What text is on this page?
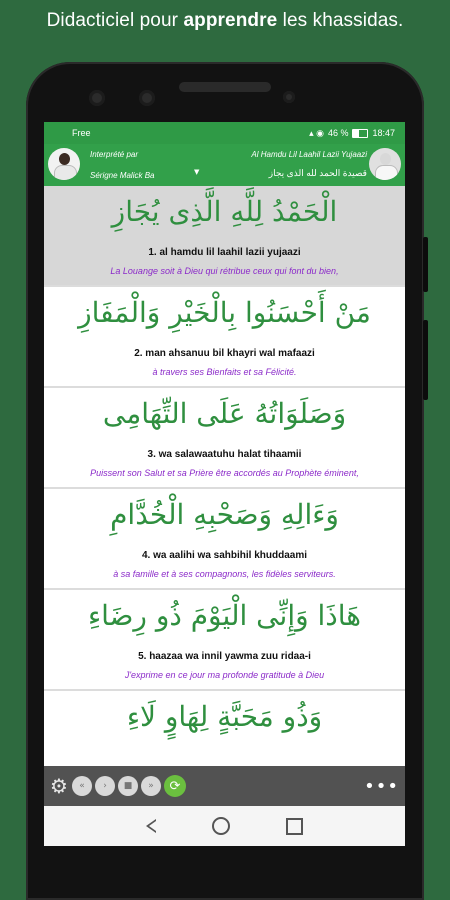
Didacticiel pour apprendre les khassidas.
Free	▴ ◉ 46 %	18:47
Interprété par
Sérigne Malick Ba	▼
Al Hamdu Lil Laahil Lazii Yujaazi
قصيدة الحمد لله الذى يجاز
الْحَمْدُ لِلَّهِ الَّذِى يُجَازِ
1. al hamdu lil laahil lazii yujaazi
La Louange soit à Dieu qui rétribue ceux qui font du bien,
مَنْ أَحْسَنُوا بِالْخَيْرِ وَالْمَفَازِ
2. man ahsanuu bil khayri wal mafaazi
à travers ses Bienfaits et sa Félicité.
وَصَلَوَاتُهُ عَلَى التِّهَامِى
3. wa salawaatuhu halat tihaamii
Puissent son Salut et sa Prière être accordés au Prophète éminent,
وَءَالِهِ وَصَحْبِهِ الْخُدَّامِ
4. wa aalihi wa sahbihil khuddaami
à sa famille et à ses compagnons, les fidèles serviteurs.
هَاذَا وَإِنِّى الْيَوْمَ ذُو رِضَاءِ
5. haazaa wa innil yawma zuu ridaa-i
J'exprime en ce jour ma profonde gratitude à Dieu
وَذُو مَحَبَّةٍ لِهَاوٍ لَاءِ
⚙	«	›	■	»	⟳	•••
